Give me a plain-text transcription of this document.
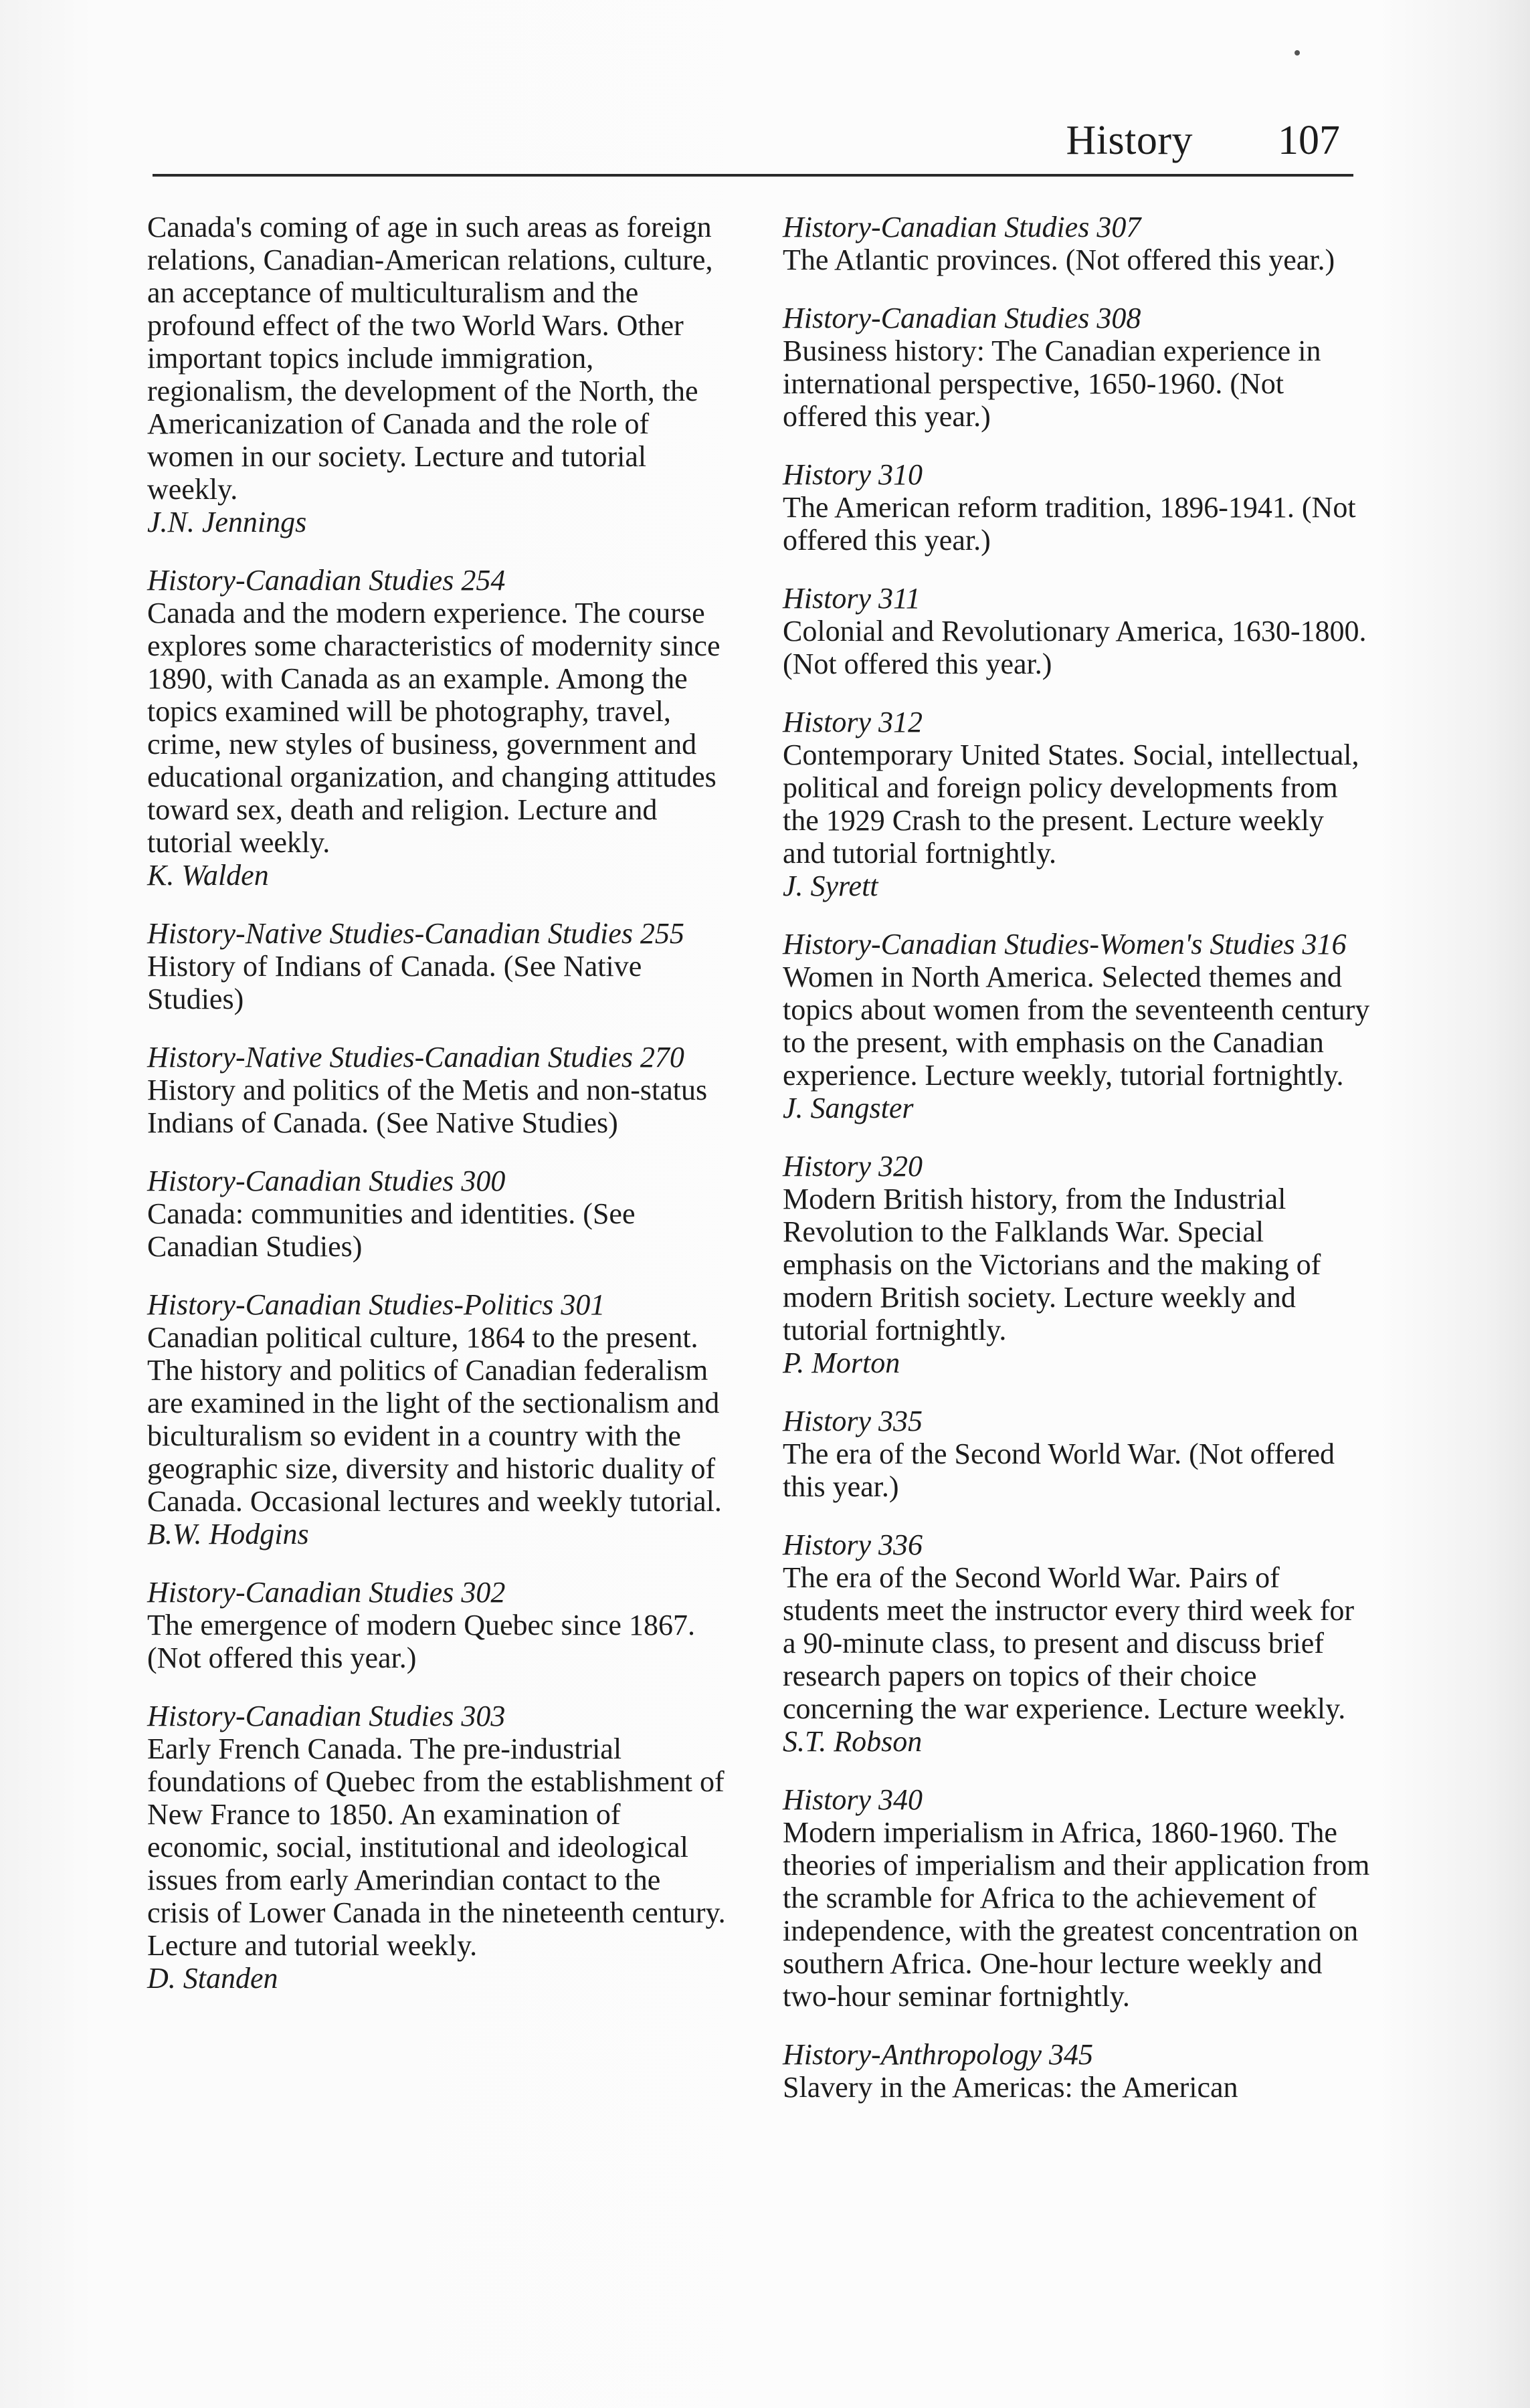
History 107
Canada's coming of age in such areas as foreign relations, Canadian-American relations, culture, an acceptance of multiculturalism and the profound effect of the two World Wars. Other important topics include immigration, regionalism, the development of the North, the Americanization of Canada and the role of women in our society. Lecture and tutorial weekly.
J.N. Jennings
History-Canadian Studies 254
Canada and the modern experience. The course explores some characteristics of modernity since 1890, with Canada as an example. Among the topics examined will be photography, travel, crime, new styles of business, government and educational organization, and changing attitudes toward sex, death and religion. Lecture and tutorial weekly.
K. Walden
History-Native Studies-Canadian Studies 255
History of Indians of Canada. (See Native Studies)
History-Native Studies-Canadian Studies 270
History and politics of the Metis and non-status Indians of Canada. (See Native Studies)
History-Canadian Studies 300
Canada: communities and identities. (See Canadian Studies)
History-Canadian Studies-Politics 301
Canadian political culture, 1864 to the present. The history and politics of Canadian federalism are examined in the light of the sectionalism and biculturalism so evident in a country with the geographic size, diversity and historic duality of Canada. Occasional lectures and weekly tutorial.
B.W. Hodgins
History-Canadian Studies 302
The emergence of modern Quebec since 1867. (Not offered this year.)
History-Canadian Studies 303
Early French Canada. The pre-industrial foundations of Quebec from the establishment of New France to 1850. An examination of economic, social, institutional and ideological issues from early Amerindian contact to the crisis of Lower Canada in the nineteenth century. Lecture and tutorial weekly.
D. Standen
History-Canadian Studies 307
The Atlantic provinces. (Not offered this year.)
History-Canadian Studies 308
Business history: The Canadian experience in international perspective, 1650-1960. (Not offered this year.)
History 310
The American reform tradition, 1896-1941. (Not offered this year.)
History 311
Colonial and Revolutionary America, 1630-1800. (Not offered this year.)
History 312
Contemporary United States. Social, intellectual, political and foreign policy developments from the 1929 Crash to the present. Lecture weekly and tutorial fortnightly.
J. Syrett
History-Canadian Studies-Women's Studies 316
Women in North America. Selected themes and topics about women from the seventeenth century to the present, with emphasis on the Canadian experience. Lecture weekly, tutorial fortnightly.
J. Sangster
History 320
Modern British history, from the Industrial Revolution to the Falklands War. Special emphasis on the Victorians and the making of modern British society. Lecture weekly and tutorial fortnightly.
P. Morton
History 335
The era of the Second World War. (Not offered this year.)
History 336
The era of the Second World War. Pairs of students meet the instructor every third week for a 90-minute class, to present and discuss brief research papers on topics of their choice concerning the war experience. Lecture weekly.
S.T. Robson
History 340
Modern imperialism in Africa, 1860-1960. The theories of imperialism and their application from the scramble for Africa to the achievement of independence, with the greatest concentration on southern Africa. One-hour lecture weekly and two-hour seminar fortnightly.
History-Anthropology 345
Slavery in the Americas: the American
